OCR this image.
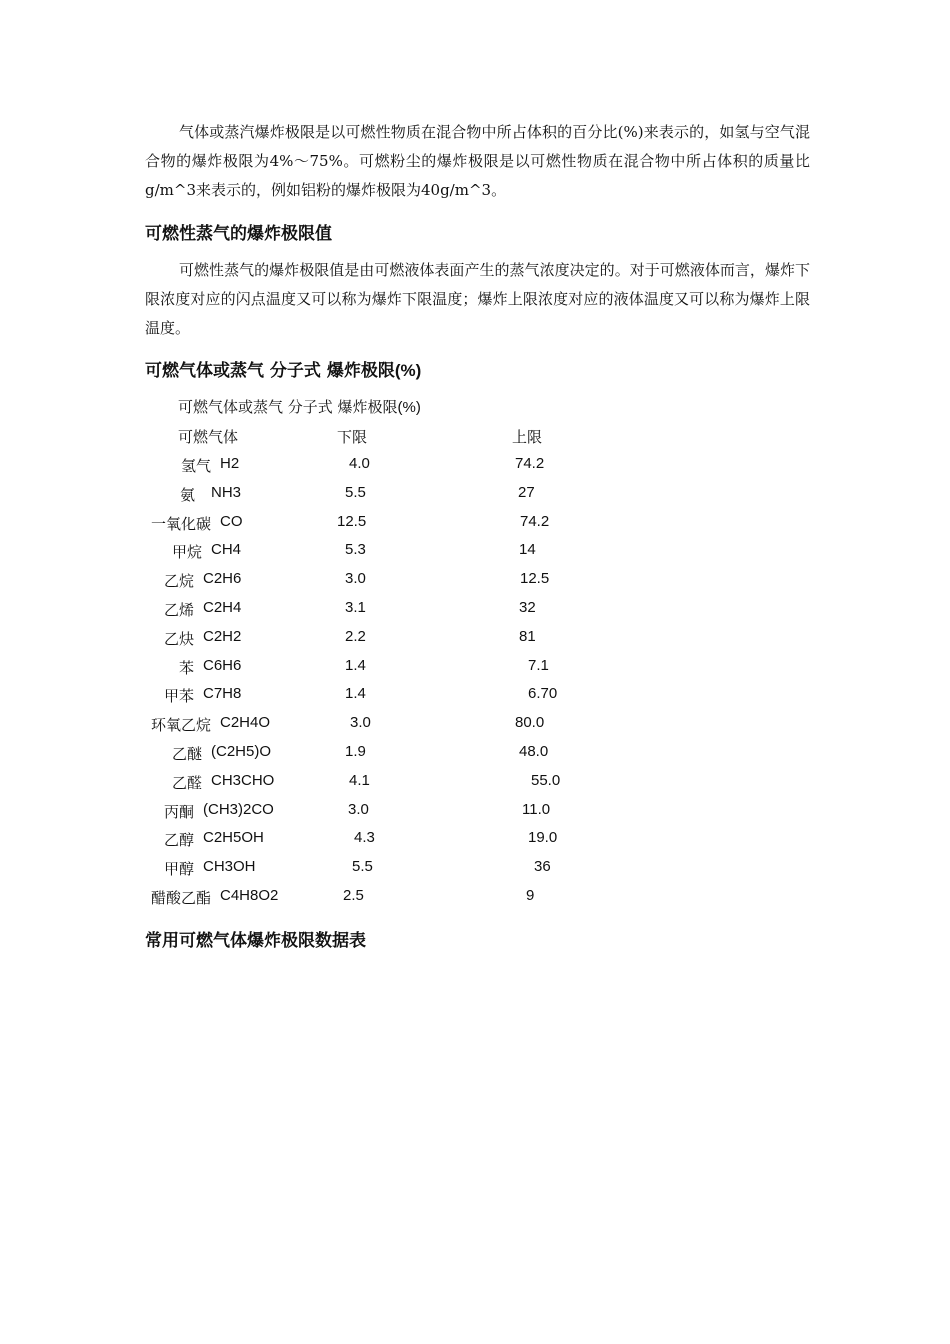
气体或蒸汽爆炸极限是以可燃性物质在混合物中所占体积的百分比(%)来表示的，如氢与空气混合物的爆炸极限为4%～75%。可燃粉尘的爆炸极限是以可燃性物质在混合物中所占体积的质量比 g/m^3来表示的，例如铝粉的爆炸极限为40g/m^3。

可燃性蒸气的爆炸极限值

可燃性蒸气的爆炸极限值是由可燃液体表面产生的蒸气浓度决定的。对于可燃液体而言，爆炸下限浓度对应的闪点温度又可以称为爆炸下限温度；爆炸上限浓度对应的液体温度又可以称为爆炸上限温度。

可燃气体或蒸气 分子式 爆炸极限(%)
可燃气体或蒸气 分子式 爆炸极限(%)
可燃气体	下限	上限
氢气 H2	4.0	74.2
氨 NH3	5.5	27
一氧化碳 CO	12.5	74.2
甲烷 CH4	5.3	14
乙烷 C2H6	3.0	12.5
乙烯 C2H4	3.1	32
乙炔 C2H2	2.2	81
苯 C6H6	1.4	7.1
甲苯 C7H8	1.4	6.70
环氧乙烷 C2H4O	3.0	80.0
乙醚 (C2H5)O	1.9	48.0
乙醛 CH3CHO	4.1	55.0
丙酮 (CH3)2CO	3.0	11.0
乙醇 C2H5OH	4.3	19.0
甲醇 CH3OH	5.5	36
醋酸乙酯 C4H8O2	2.5	9
常用可燃气体爆炸极限数据表
